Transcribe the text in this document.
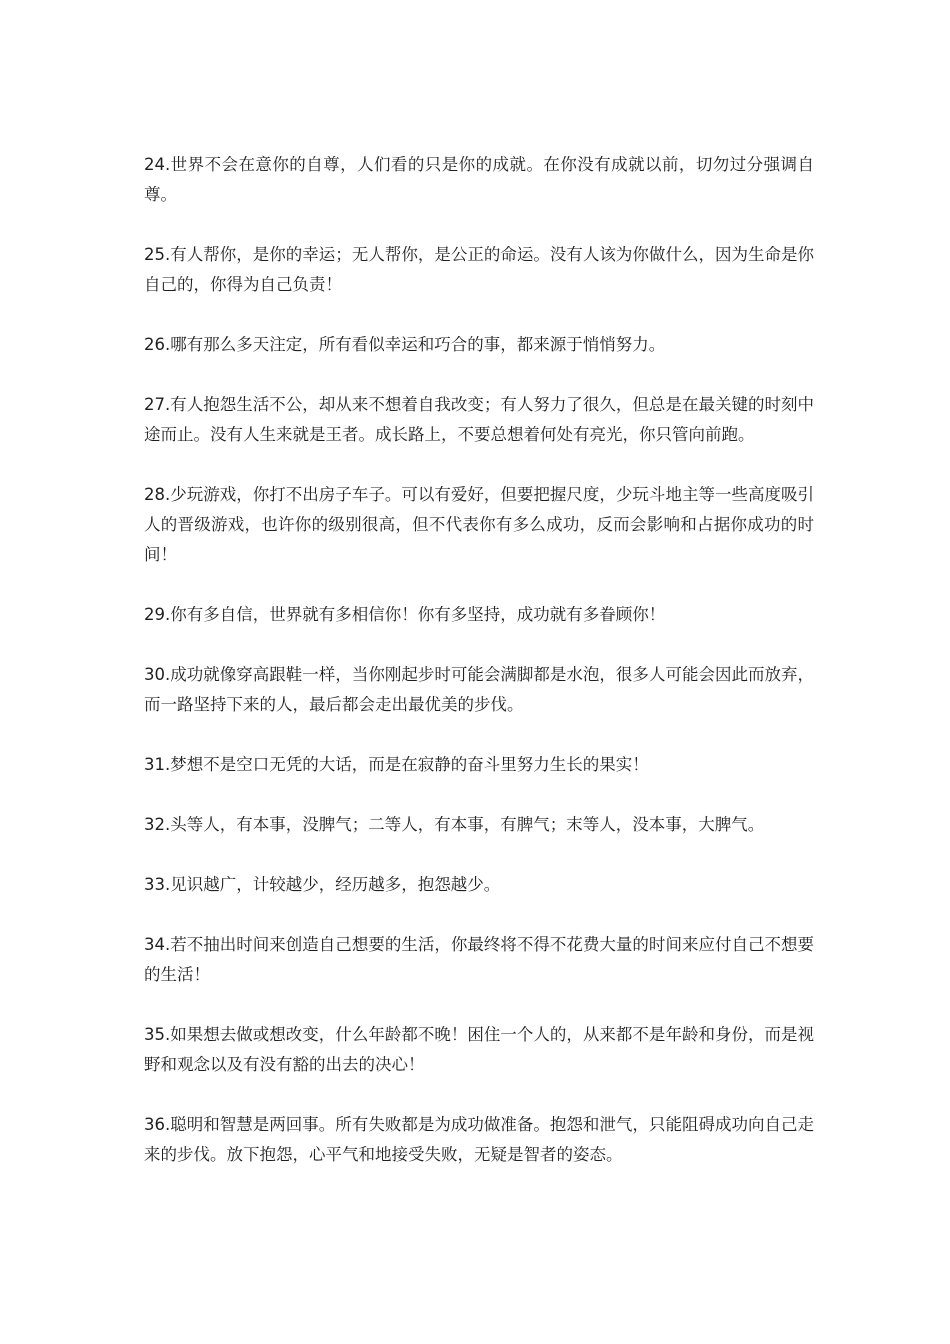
24.世界不会在意你的自尊，人们看的只是你的成就。在你没有成就以前，切勿过分强调自尊。

25.有人帮你，是你的幸运；无人帮你，是公正的命运。没有人该为你做什么，因为生命是你自己的，你得为自己负责！

26.哪有那么多天注定，所有看似幸运和巧合的事，都来源于悄悄努力。

27.有人抱怨生活不公，却从来不想着自我改变；有人努力了很久，但总是在最关键的时刻中途而止。没有人生来就是王者。成长路上，不要总想着何处有亮光，你只管向前跑。

28.少玩游戏，你打不出房子车子。可以有爱好，但要把握尺度，少玩斗地主等一些高度吸引人的晋级游戏，也许你的级别很高，但不代表你有多么成功，反而会影响和占据你成功的时间！

29.你有多自信，世界就有多相信你！你有多坚持，成功就有多眷顾你！

30.成功就像穿高跟鞋一样，当你刚起步时可能会满脚都是水泡，很多人可能会因此而放弃，而一路坚持下来的人，最后都会走出最优美的步伐。

31.梦想不是空口无凭的大话，而是在寂静的奋斗里努力生长的果实！

32.头等人，有本事，没脾气；二等人，有本事，有脾气；末等人，没本事，大脾气。

33.见识越广，计较越少，经历越多，抱怨越少。

34.若不抽出时间来创造自己想要的生活，你最终将不得不花费大量的时间来应付自己不想要的生活！

35.如果想去做或想改变，什么年龄都不晚！困住一个人的，从来都不是年龄和身份，而是视野和观念以及有没有豁的出去的决心！

36.聪明和智慧是两回事。所有失败都是为成功做准备。抱怨和泄气，只能阻碍成功向自己走来的步伐。放下抱怨，心平气和地接受失败，无疑是智者的姿态。
